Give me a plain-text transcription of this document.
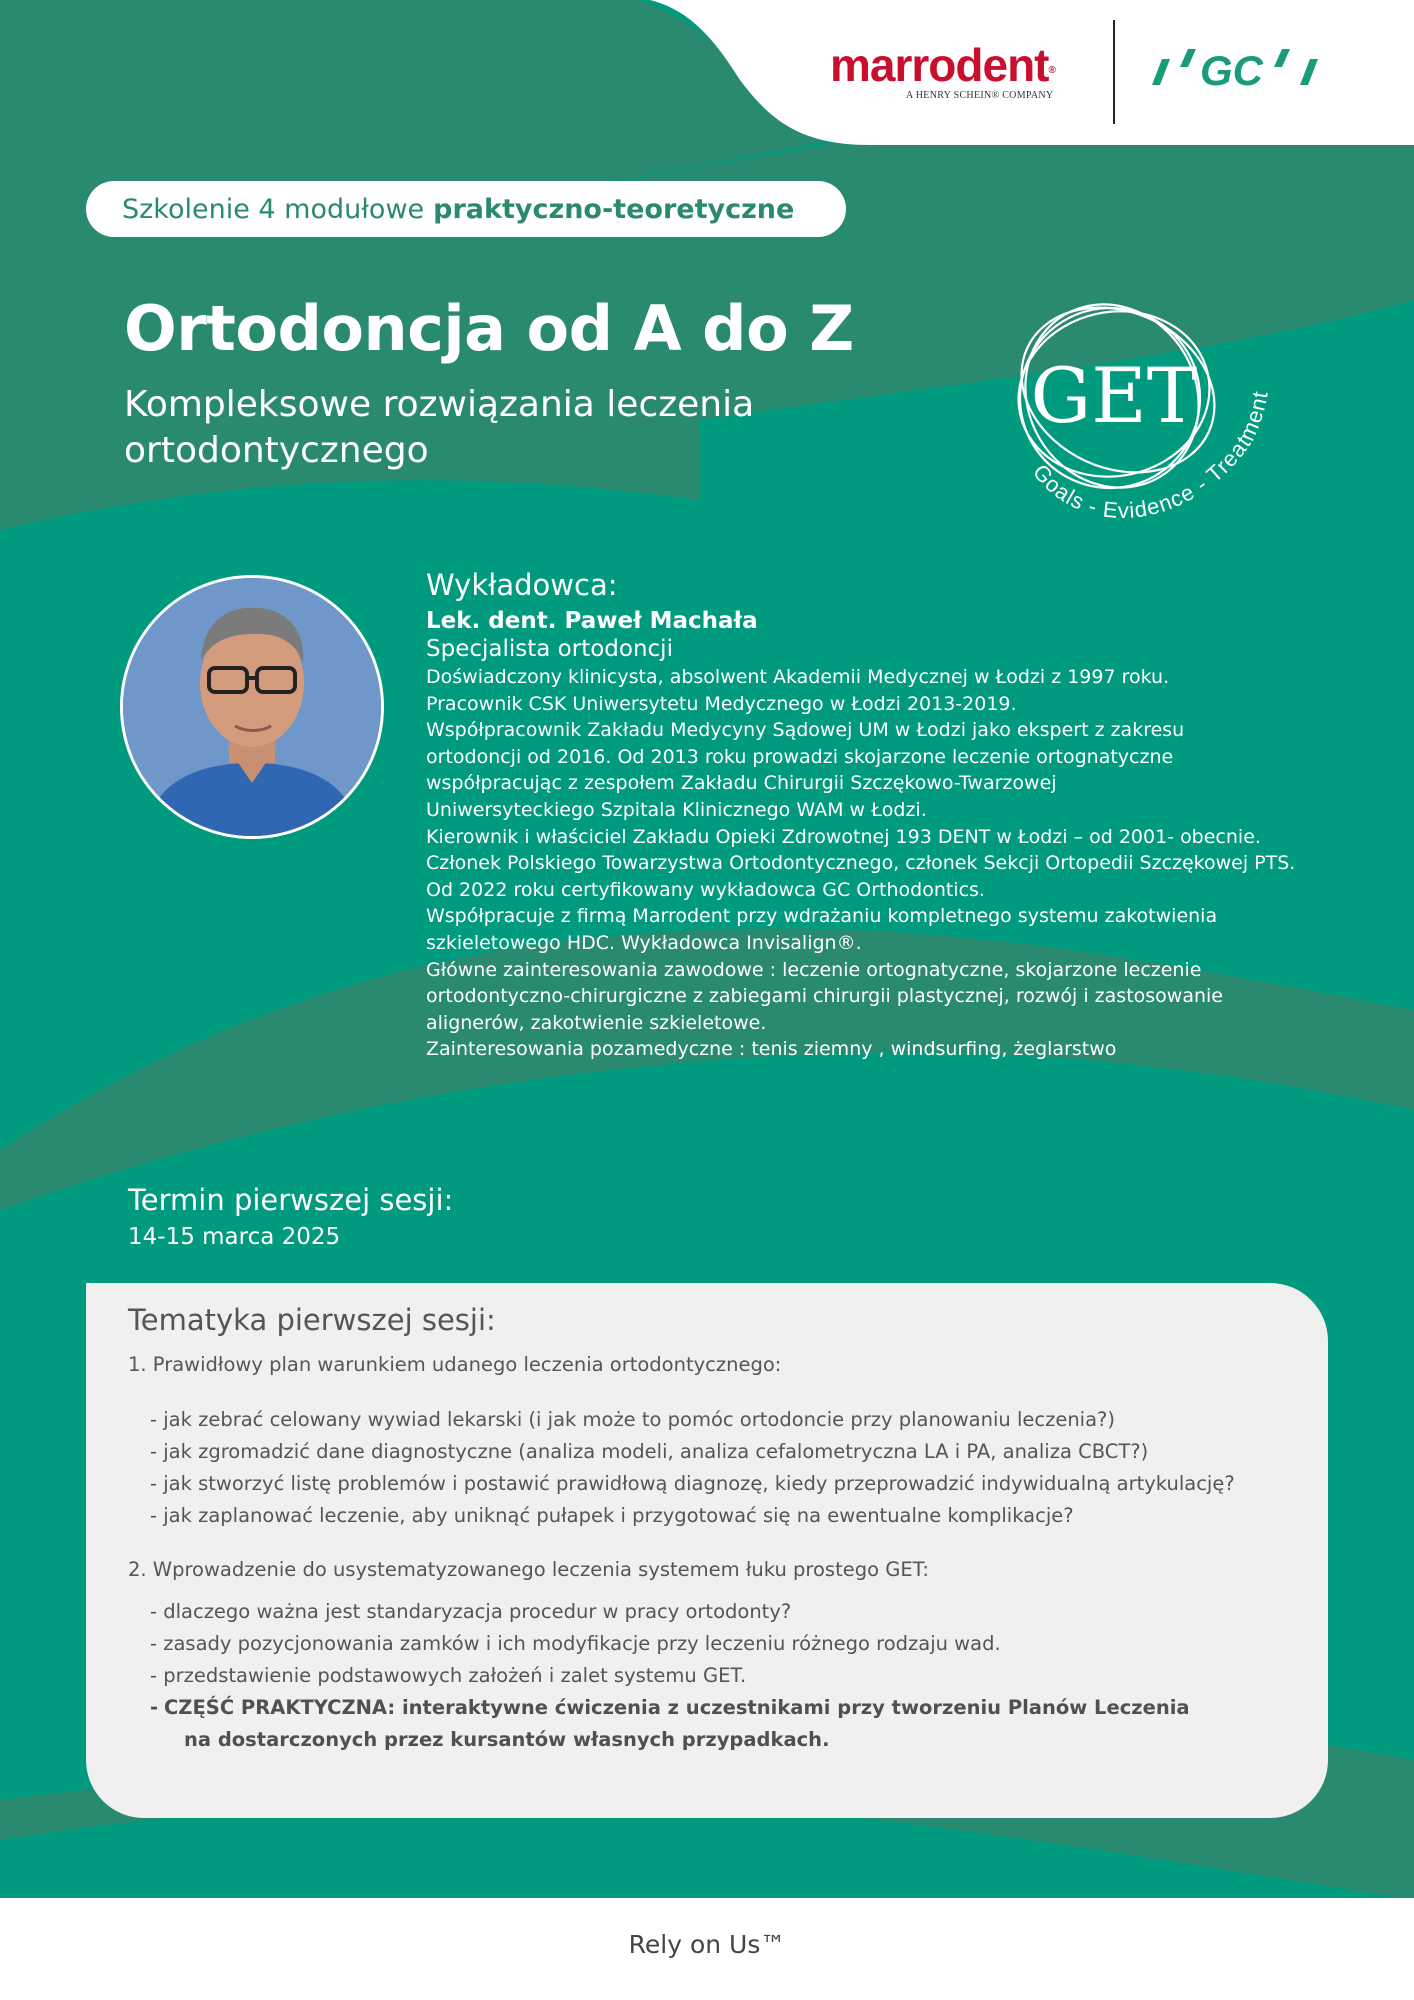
marrodent®
A HENRY SCHEIN® COMPANY
GC
Szkolenie 4 modułowe praktyczno-teoretyczne
Ortodoncja od A do Z
Kompleksowe rozwiązania leczenia ortodontycznego
GET
Goals - Evidence - Treatment
Wykładowca:
Lek. dent. Paweł Machała
Specjalista ortodoncji
Doświadczony klinicysta, absolwent Akademii Medycznej w Łodzi z 1997 roku.
Pracownik CSK Uniwersytetu Medycznego w Łodzi 2013-2019.
Współpracownik Zakładu Medycyny Sądowej UM w Łodzi jako ekspert z zakresu
ortodoncji od 2016. Od 2013 roku prowadzi skojarzone leczenie ortognatyczne
współpracując z zespołem Zakładu Chirurgii Szczękowo-Twarzowej
Uniwersyteckiego Szpitala Klinicznego WAM w Łodzi.
Kierownik i właściciel Zakładu Opieki Zdrowotnej 193 DENT w Łodzi – od 2001- obecnie.
Członek Polskiego Towarzystwa Ortodontycznego, członek Sekcji Ortopedii Szczękowej PTS.
Od 2022 roku certyfikowany wykładowca GC Orthodontics.
Współpracuje z firmą Marrodent przy wdrażaniu kompletnego systemu zakotwienia
szkieletowego HDC. Wykładowca Invisalign®.
Główne zainteresowania zawodowe : leczenie ortognatyczne, skojarzone leczenie
ortodontyczno-chirurgiczne z zabiegami chirurgii plastycznej, rozwój i zastosowanie
alignerów, zakotwienie szkieletowe.
Zainteresowania pozamedyczne : tenis ziemny , windsurfing, żeglarstwo
Termin pierwszej sesji:
14-15 marca 2025
Tematyka pierwszej sesji:
1. Prawidłowy plan warunkiem udanego leczenia ortodontycznego:
- jak zebrać celowany wywiad lekarski (i jak może to pomóc ortodoncie przy planowaniu leczenia?)
- jak zgromadzić dane diagnostyczne (analiza modeli, analiza cefalometryczna LA i PA, analiza CBCT?)
- jak stworzyć listę problemów i postawić prawidłową diagnozę, kiedy przeprowadzić indywidualną artykulację?
- jak zaplanować leczenie, aby uniknąć pułapek i przygotować się na ewentualne komplikacje?
2. Wprowadzenie do usystematyzowanego leczenia systemem łuku prostego GET:
- dlaczego ważna jest standaryzacja procedur w pracy ortodonty?
- zasady pozycjonowania zamków i ich modyfikacje przy leczeniu różnego rodzaju wad.
- przedstawienie podstawowych założeń i zalet systemu GET.
- CZĘŚĆ PRAKTYCZNA: interaktywne ćwiczenia z uczestnikami przy tworzeniu Planów Leczenia
na dostarczonych przez kursantów własnych przypadkach.
Rely on Us™
